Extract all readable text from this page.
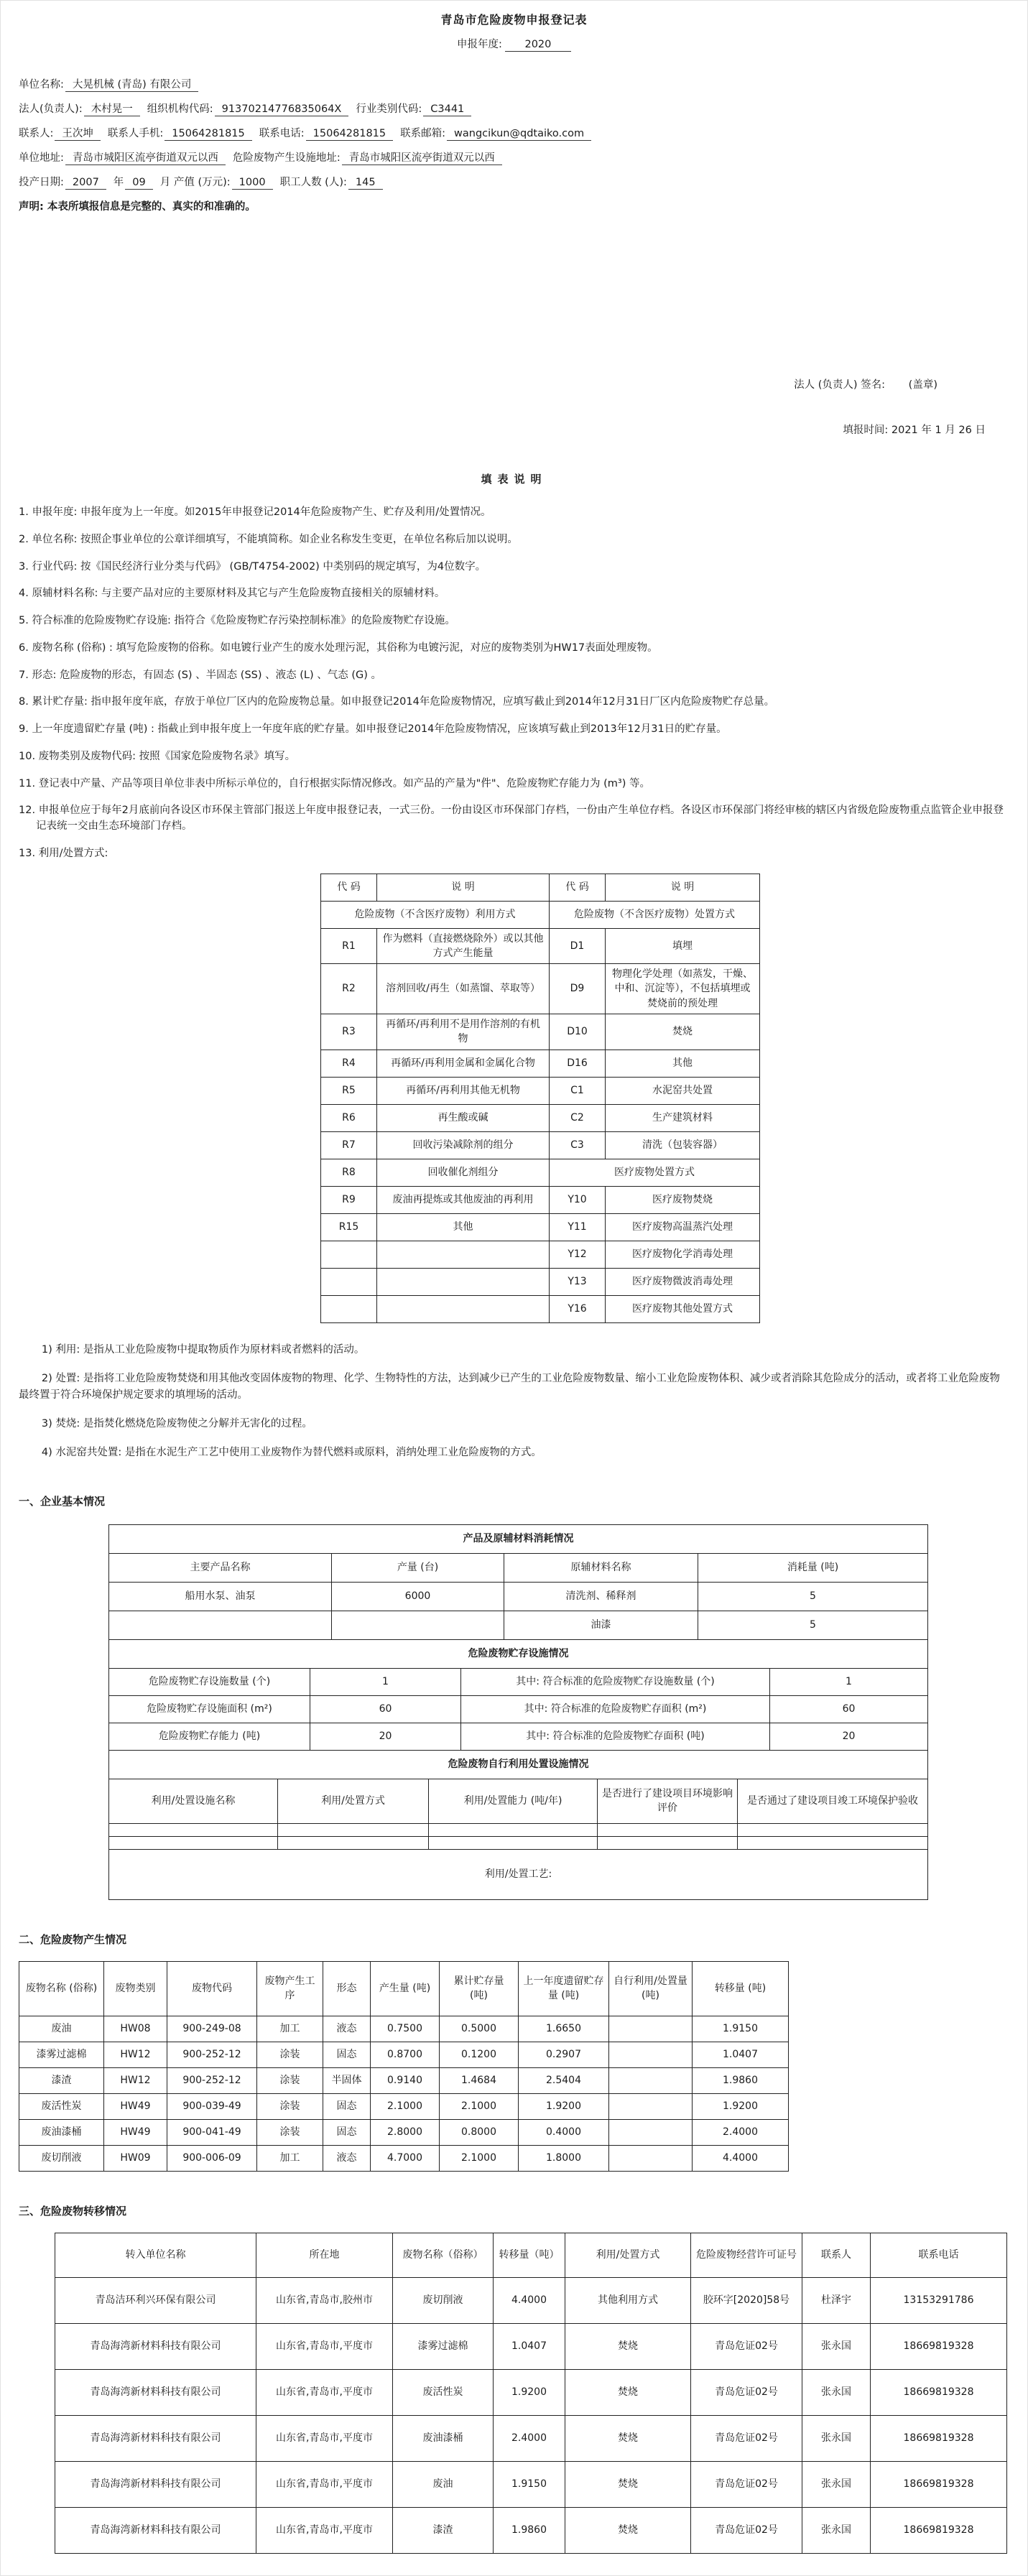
青岛市危险废物申报登记表
申报年度: 2020

单位名称: 大晃机械 (青岛) 有限公司

法人(负责人): 木村晃一 组织机构代码: 91370214776835064X 行业类别代码: C3441

联系人: 王次坤 联系人手机: 15064281815 联系电话: 15064281815 联系邮箱: wangcikun@qdtaiko.com

单位地址: 青岛市城阳区流亭街道双元以西 危险废物产生设施地址: 青岛市城阳区流亭街道双元以西

投产日期: 2007 年 09 月 产值 (万元): 1000 职工人数 (人): 145

声明: 本表所填报信息是完整的、真实的和准确的。

法人 (负责人) 签名: (盖章)
填报时间: 2021 年 1 月 26 日
填表说明

1. 申报年度: 申报年度为上一年度。如2015年申报登记2014年危险废物产生、贮存及利用/处置情况。

2. 单位名称: 按照企事业单位的公章详细填写，不能填简称。如企业名称发生变更，在单位名称后加以说明。

3. 行业代码: 按《国民经济行业分类与代码》 (GB/T4754-2002) 中类别码的规定填写，为4位数字。

4. 原辅材料名称: 与主要产品对应的主要原材料及其它与产生危险废物直接相关的原辅材料。

5. 符合标准的危险废物贮存设施: 指符合《危险废物贮存污染控制标准》的危险废物贮存设施。

6. 废物名称 (俗称) : 填写危险废物的俗称。如电镀行业产生的废水处理污泥，其俗称为电镀污泥，对应的废物类别为HW17表面处理废物。

7. 形态: 危险废物的形态，有固态 (S) 、半固态 (SS) 、液态 (L) 、气态 (G) 。

8. 累计贮存量: 指申报年度年底，存放于单位厂区内的危险废物总量。如申报登记2014年危险废物情况，应填写截止到2014年12月31日厂区内危险废物贮存总量。

9. 上一年度遗留贮存量 (吨) : 指截止到申报年度上一年度年底的贮存量。如申报登记2014年危险废物情况，应该填写截止到2013年12月31日的贮存量。

10. 废物类别及废物代码: 按照《国家危险废物名录》填写。

11. 登记表中产量、产品等项目单位非表中所标示单位的，自行根据实际情况修改。如产品的产量为"件"、危险废物贮存能力为 (m³) 等。

12. 申报单位应于每年2月底前向各设区市环保主管部门报送上年度申报登记表，一式三份。一份由设区市环保部门存档，一份由产生单位存档。各设区市环保部门将经审核的辖区内省级危险废物重点监管企业申报登记表统一交由生态环境部门存档。

13. 利用/处置方式:

代 码	说 明	代 码	说 明
危险废物（不含医疗废物）利用方式		危险废物（不含医疗废物）处置方式	
R1	作为燃料（直接燃烧除外）或以其他方式产生能量	D1	填埋
R2	溶剂回收/再生（如蒸馏、萃取等）	D9	物理化学处理（如蒸发，干燥、中和、沉淀等），不包括填埋或焚烧前的预处理
R3	再循环/再利用不是用作溶剂的有机物	D10	焚烧
R4	再循环/再利用金属和金属化合物	D16	其他
R5	再循环/再利用其他无机物	C1	水泥窑共处置
R6	再生酸或碱	C2	生产建筑材料
R7	回收污染减除剂的组分	C3	清洗（包装容器）
R8	回收催化剂组分	医疗废物处置方式	
R9	废油再提炼或其他废油的再利用	Y10	医疗废物焚烧
R15	其他	Y11	医疗废物高温蒸汽处理
		Y12	医疗废物化学消毒处理
		Y13	医疗废物微波消毒处理
		Y16	医疗废物其他处置方式

1) 利用: 是指从工业危险废物中提取物质作为原材料或者燃料的活动。

2) 处置: 是指将工业危险废物焚烧和用其他改变固体废物的物理、化学、生物特性的方法，达到减少已产生的工业危险废物数量、缩小工业危险废物体积、减少或者消除其危险成分的活动，或者将工业危险废物最终置于符合环境保护规定要求的填埋场的活动。

3) 焚烧: 是指焚化燃烧危险废物使之分解并无害化的过程。

4) 水泥窑共处置: 是指在水泥生产工艺中使用工业废物作为替代燃料或原料，消纳处理工业危险废物的方式。

一、企业基本情况
产品及原辅材料消耗情况			
主要产品名称	产量 (台)	原辅材料名称	消耗量 (吨)
船用水泵、油泵	6000	清洗剂、稀释剂	5
		油漆	5
危险废物贮存设施情况			
危险废物贮存设施数量 (个)	1	其中: 符合标准的危险废物贮存设施数量 (个)	1
危险废物贮存设施面积 (m²)	60	其中: 符合标准的危险废物贮存面积 (m²)	60
危险废物贮存能力 (吨)	20	其中: 符合标准的危险废物贮存面积 (吨)	20
危险废物自行利用处置设施情况				
利用/处置设施名称	利用/处置方式	利用/处置能力 (吨/年)	是否进行了建设项目环境影响评价	是否通过了建设项目竣工环境保护验收

利用/处置工艺:				
二、危险废物产生情况
废物名称 (俗称)	废物类别	废物代码	废物产生工序	形态	产生量 (吨)	累计贮存量 (吨)	上一年度遗留贮存量 (吨)	自行利用/处置量 (吨)	转移量 (吨)
废油	HW08	900-249-08	加工	液态	0.7500	0.5000	1.6650		1.9150
漆雾过滤棉	HW12	900-252-12	涂装	固态	0.8700	0.1200	0.2907		1.0407
漆渣	HW12	900-252-12	涂装	半固体	0.9140	1.4684	2.5404		1.9860
废活性炭	HW49	900-039-49	涂装	固态	2.1000	2.1000	1.9200		1.9200
废油漆桶	HW49	900-041-49	涂装	固态	2.8000	0.8000	0.4000		2.4000
废切削液	HW09	900-006-09	加工	液态	4.7000	2.1000	1.8000		4.4000
三、危险废物转移情况
转入单位名称	所在地	废物名称（俗称）	转移量（吨）	利用/处置方式	危险废物经营许可证号	联系人	联系电话
青岛洁环利兴环保有限公司	山东省,青岛市,胶州市	废切削液	4.4000	其他利用方式	胶环字[2020]58号	杜泽宇	13153291786
青岛海湾新材料科技有限公司	山东省,青岛市,平度市	漆雾过滤棉	1.0407	焚烧	青岛危证02号	张永国	18669819328
青岛海湾新材料科技有限公司	山东省,青岛市,平度市	废活性炭	1.9200	焚烧	青岛危证02号	张永国	18669819328
青岛海湾新材料科技有限公司	山东省,青岛市,平度市	废油漆桶	2.4000	焚烧	青岛危证02号	张永国	18669819328
青岛海湾新材料科技有限公司	山东省,青岛市,平度市	废油	1.9150	焚烧	青岛危证02号	张永国	18669819328
青岛海湾新材料科技有限公司	山东省,青岛市,平度市	漆渣	1.9860	焚烧	青岛危证02号	张永国	18669819328
